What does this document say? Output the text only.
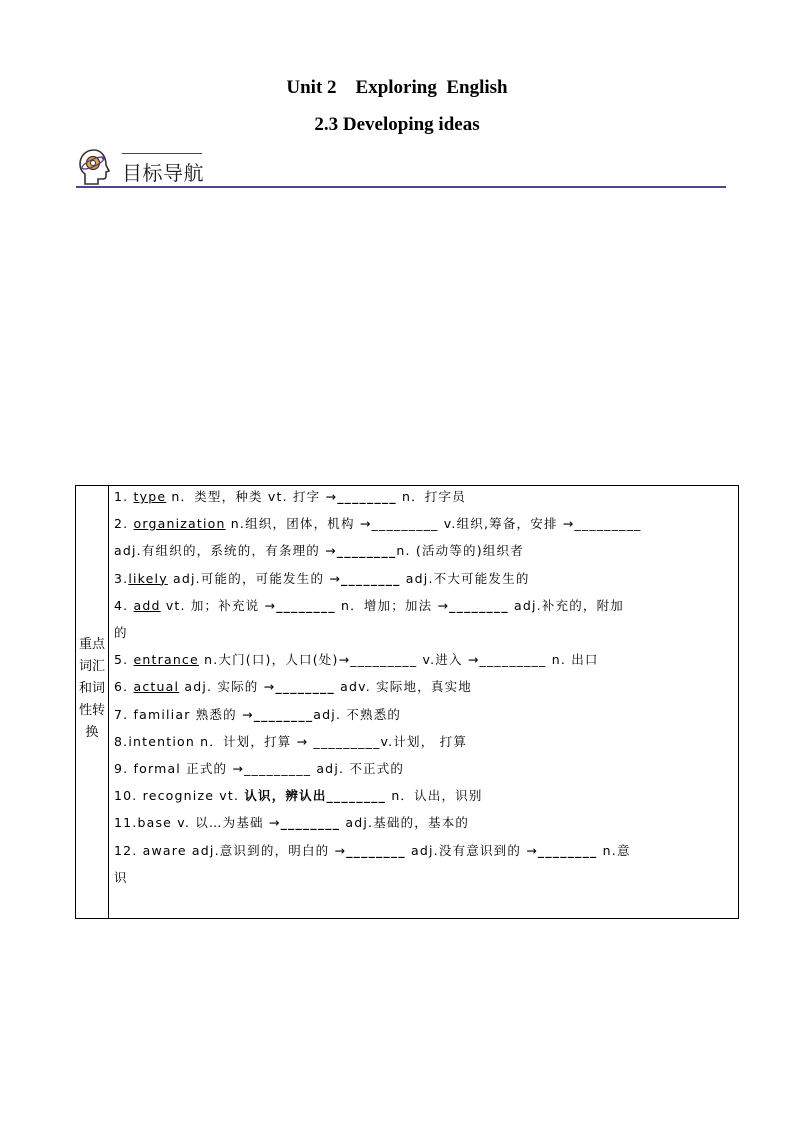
Unit 2    Exploring  English
2.3 Developing ideas
目标导航
重点
词汇
和词
性转
换
1. type n．类型，种类 vt. 打字 →________ n．打字员
2. organization n.组织，团体，机构 →_________ v.组织,筹备，安排 →_________
adj.有组织的，系统的，有条理的 →________n. (活动等的)组织者
3.likely adj.可能的，可能发生的 →________ adj.不大可能发生的
4. add vt. 加；补充说 →________ n．增加；加法 →________ adj.补充的，附加
的
5. entrance n.大门(口)，人口(处)→_________ v.进入 →_________ n. 出口
6. actual adj. 实际的 →________ adv. 实际地，真实地
7. familiar 熟悉的 →________adj. 不熟悉的
8.intention n．计划，打算 → _________v.计划， 打算
9. formal 正式的 →_________ adj. 不正式的
10. recognize vt. 认识，辨认出________ n．认出，识别
11.base v. 以…为基础 →________ adj.基础的，基本的
12. aware adj.意识到的，明白的 →________ adj.没有意识到的 →________ n.意
识
